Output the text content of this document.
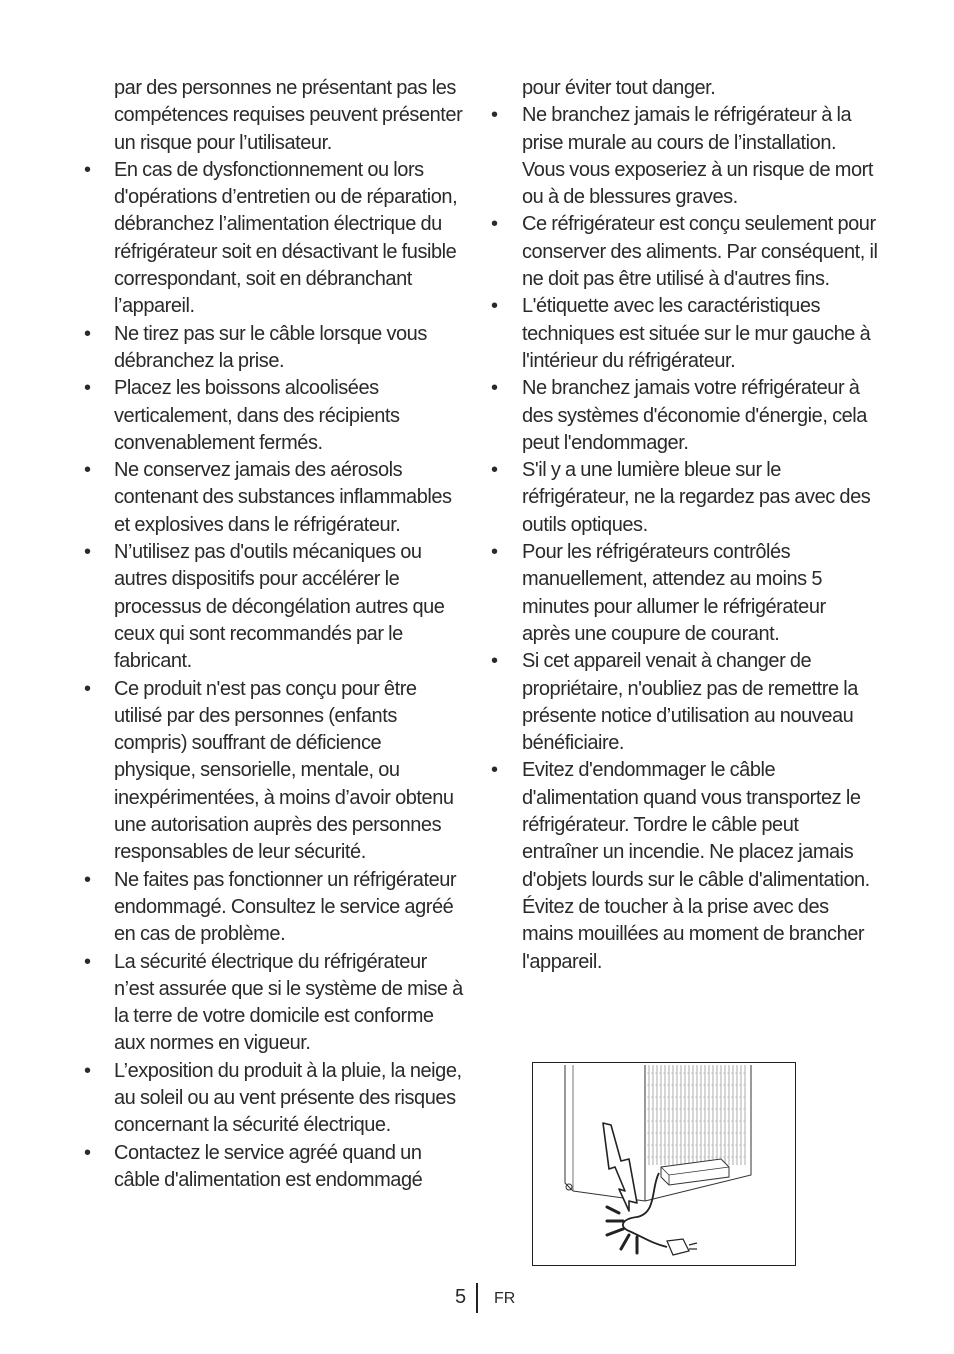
par des personnes ne présentant pas les compétences requises peuvent présenter un risque pour l’utilisateur.

• En cas de dysfonctionnement ou lors d'opérations d’entretien ou de réparation, débranchez l’alimentation électrique du réfrigérateur soit en désactivant le fusible correspondant, soit en débranchant l’appareil.

• Ne tirez pas sur le câble lorsque vous débranchez la prise.

• Placez les boissons alcoolisées verticalement, dans des récipients convenablement fermés.

• Ne conservez jamais des aérosols contenant des substances inflammables et explosives dans le réfrigérateur.

• N’utilisez pas d'outils mécaniques ou autres dispositifs pour accélérer le processus de décongélation autres que ceux qui sont recommandés par le fabricant.

• Ce produit n'est pas conçu pour être utilisé par des personnes (enfants compris) souffrant de déficience physique, sensorielle, mentale, ou inexpérimentées, à moins d’avoir obtenu une autorisation auprès des personnes responsables de leur sécurité.

• Ne faites pas fonctionner un réfrigérateur endommagé. Consultez le service agréé en cas de problème.

• La sécurité électrique du réfrigérateur n’est assurée que si le système de mise à la terre de votre domicile est conforme aux normes en vigueur.

• L’exposition du produit à la pluie, la neige, au soleil ou au vent présente des risques concernant la sécurité électrique.

• Contactez le service agréé quand un câble d'alimentation est endommagé

pour éviter tout danger.

• Ne branchez jamais le réfrigérateur à la prise murale au cours de l’installation. Vous vous exposeriez à un risque de mort ou à de blessures graves.

• Ce réfrigérateur est conçu seulement pour conserver des aliments. Par conséquent, il ne doit pas être utilisé à d'autres fins.

• L'étiquette avec les caractéristiques techniques est située sur le mur gauche à l'intérieur du réfrigérateur.

• Ne branchez jamais votre réfrigérateur à des systèmes d'économie d'énergie, cela peut l'endommager.

• S'il y a une lumière bleue sur le réfrigérateur, ne la regardez pas avec des outils optiques.

• Pour les réfrigérateurs contrôlés manuellement, attendez au moins 5 minutes pour allumer le réfrigérateur après une coupure de courant.

• Si cet appareil venait à changer de propriétaire, n'oubliez pas de remettre la présente notice d’utilisation au nouveau bénéficiaire.

• Evitez d'endommager le câble d'alimentation quand vous transportez le réfrigérateur. Tordre le câble peut entraîner un incendie. Ne placez jamais d'objets lourds sur le câble d'alimentation. Évitez de toucher à la prise avec des mains mouillées au moment de brancher l'appareil.

5 FR
